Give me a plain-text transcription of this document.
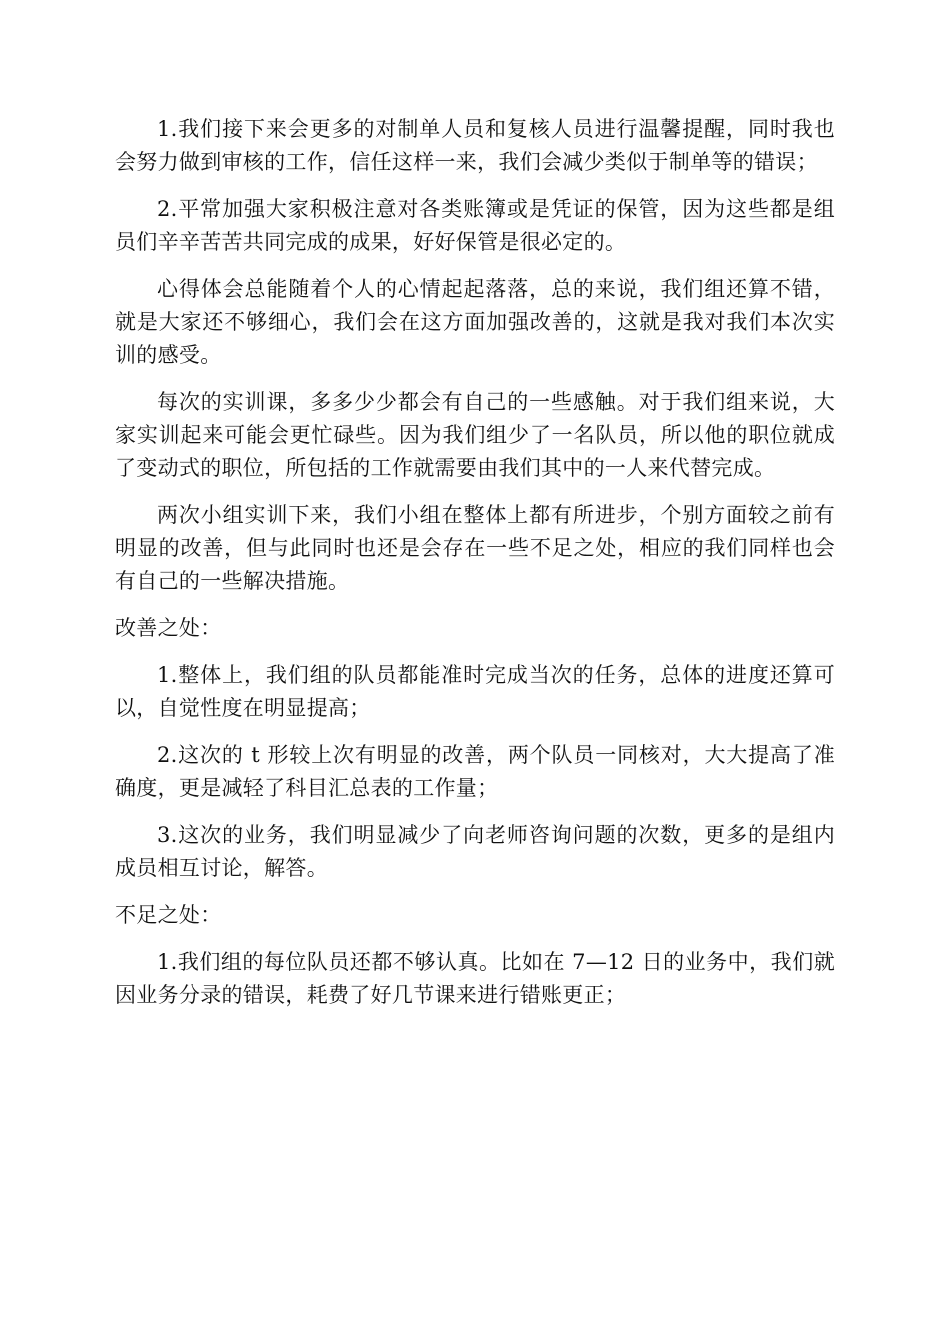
1.我们接下来会更多的对制单人员和复核人员进行温馨提醒，同时我也会努力做到审核的工作，信任这样一来，我们会减少类似于制单等的错误；

2.平常加强大家积极注意对各类账簿或是凭证的保管，因为这些都是组员们辛辛苦苦共同完成的成果，好好保管是很必定的。

心得体会总能随着个人的心情起起落落，总的来说，我们组还算不错，就是大家还不够细心，我们会在这方面加强改善的，这就是我对我们本次实训的感受。

每次的实训课，多多少少都会有自己的一些感触。对于我们组来说，大家实训起来可能会更忙碌些。因为我们组少了一名队员，所以他的职位就成了变动式的职位，所包括的工作就需要由我们其中的一人来代替完成。

两次小组实训下来，我们小组在整体上都有所进步，个别方面较之前有明显的改善，但与此同时也还是会存在一些不足之处，相应的我们同样也会有自己的一些解决措施。

改善之处：

1.整体上，我们组的队员都能准时完成当次的任务，总体的进度还算可以，自觉性度在明显提高；

2.这次的 t 形较上次有明显的改善，两个队员一同核对，大大提高了准确度，更是减轻了科目汇总表的工作量；

3.这次的业务，我们明显减少了向老师咨询问题的次数，更多的是组内成员相互讨论，解答。

不足之处：

1.我们组的每位队员还都不够认真。比如在 7—12 日的业务中，我们就因业务分录的错误，耗费了好几节课来进行错账更正；
